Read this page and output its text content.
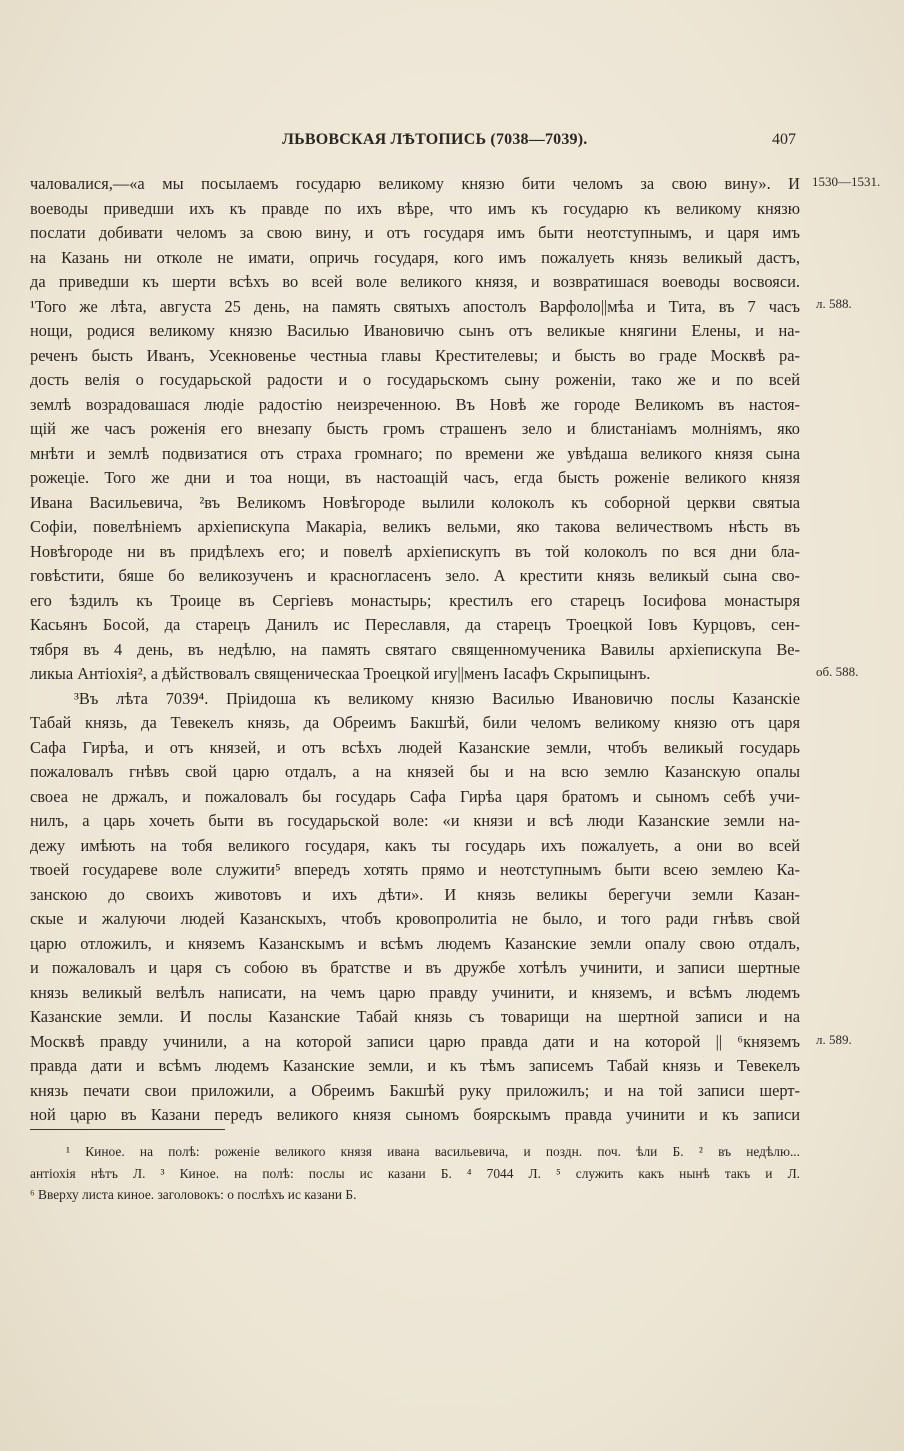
ЛЬВОВСКАЯ ЛѢТОПИСЬ (7038—7039).	407
чаловалися,—«а мы посылаемъ государю великому князю бити челомъ за свою вину». И
воеводы приведши ихъ къ правде по ихъ вѣре, что имъ къ государю къ великому князю
послати добивати челомъ за свою вину, и отъ государя имъ быти неотступнымъ, и царя имъ
на Казань ни отколе не имати, опричь государя, кого имъ пожалуеть князь великый дастъ,
да приведши къ шерти всѣхъ во всей воле великого князя, и возвратишася воеводы восвояси.
¹Того же лѣта, августа 25 день, на память святыхъ апостолъ Варфоло||мѣа и Тита, въ 7 часъ
нощи, родися великому князю Василью Ивановичю сынъ отъ великые княгини Елены, и на-
реченъ бысть Иванъ, Усекновенье честныа главы Крестителевы; и бысть во граде Москвѣ ра-
дость велія о государьской радости и о государьскомъ сыну роженіи, тако же и по всей
землѣ возрадовашася людіе радостію неизреченною. Въ Новѣ же городе Великомъ въ настоя-
щій же часъ роженія его внезапу бысть громъ страшенъ зело и блистаніамъ молніямъ, яко
мнѣти и землѣ подвизатися отъ страха громнаго; по времени же увѣдаша великого князя сына
рожеціе. Того же дни и тоа нощи, въ настоащій часъ, егда бысть роженіе великого князя
Ивана Васильевича, ²въ Великомъ Новѣгороде вылили колоколъ къ соборной церкви святыа
Софіи, повелѣніемъ архіепискупа Макаріа, великъ вельми, яко такова величествомъ нѣсть въ
Новѣгороде ни въ придѣлехъ его; и повелѣ архіепискупъ въ той колоколъ по вся дни бла-
говѣстити, бяше бо великозученъ и красногласенъ зело. А крестити князь великый сына сво-
его ѣздилъ къ Троице въ Сергіевъ монастырь; крестилъ его старецъ Іосифова монастыря
Касьянъ Босой, да старецъ Данилъ ис Переславля, да старецъ Троецкой Іовъ Курцовъ, сен-
тября въ 4 день, въ недѣлю, на память святаго священномученика Вавилы архіепискупа Ве-
ликыа Антіохія², а дѣйствовалъ священическаа Троецкой игу||менъ Іасафъ Скрыпицынъ.
³Въ лѣта 7039⁴. Пріидоша къ великому князю Василью Ивановичю послы Казанскіе
Табай князь, да Тевекелъ князь, да Обреимъ Бакшѣй, били челомъ великому князю отъ царя
Сафа Гирѣа, и отъ князей, и отъ всѣхъ людей Казанские земли, чтобъ великый государь
пожаловалъ гнѣвъ свой царю отдалъ, а на князей бы и на всю землю Казанскую опалы
своеа не држалъ, и пожаловалъ бы государь Сафа Гирѣа царя братомъ и сыномъ себѣ учи-
нилъ, а царь хочеть быти въ государьской воле: «и князи и всѣ люди Казанские земли на-
дежу имѣють на тобя великого государя, какъ ты государь ихъ пожалуеть, а они во всей
твоей государеве воле служити⁵ впередъ хотять прямо и неотступнымъ быти всею землею Ка-
занскою до своихъ животовъ и ихъ дѣти». И князь великы берегучи земли Казан-
скые и жалуючи людей Казанскыхъ, чтобъ кровопролитіа не было, и того ради гнѣвъ свой
царю отложилъ, и княземъ Казанскымъ и всѣмъ людемъ Казанские земли опалу свою отдалъ,
и пожаловалъ и царя съ собою въ братстве и въ дружбе хотѣлъ учинити, и записи шертные
князь великый велѣлъ написати, на чемъ царю правду учинити, и княземъ, и всѣмъ людемъ
Казанские земли. И послы Казанские Табай князь съ товарищи на шертной записи и на
Москвѣ правду учинили, а на которой записи царю правда дати и на которой || ⁶княземъ
правда дати и всѣмъ людемъ Казанские земли, и къ тѣмъ записемъ Табай князь и Тевекелъ
князь печати свои приложили, а Обреимъ Бакшѣй руку приложилъ; и на той записи шерт-
ной царю въ Казани передъ великого князя сыномъ боярскымъ правда учинити и къ записи
1530—1531.
л. 588.
об. 588.
л. 589.
¹ Киное. на полѣ: роженіе великого князя ивана васильевича, и поздн. поч. ѣли Б. ² въ недѣлю...
антіохія нѣтъ Л. ³ Киное. на полѣ: послы ис казани Б. ⁴ 7044 Л. ⁵ служить какъ нынѣ такъ и Л.
⁶ Вверху листа киное. заголовокъ: о послѣхъ ис казани Б.
